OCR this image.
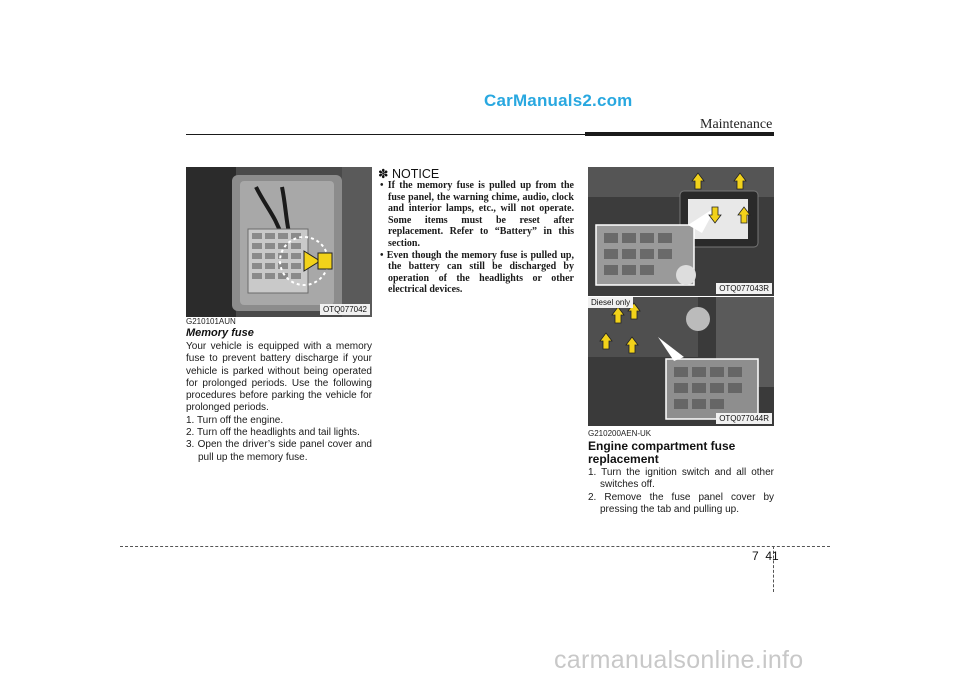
CarManuals2.com
Maintenance
OTQ077042
G210101AUN
Memory fuse

Your vehicle is equipped with a memory fuse to prevent battery discharge if your vehicle is parked without being operated for prolonged periods. Use the following procedures before parking the vehicle for prolonged periods.

1. Turn off the engine.
2. Turn off the headlights and tail lights.
3. Open the driver’s side panel cover and pull up the memory fuse.
✽ NOTICE
• If the memory fuse is pulled up from the fuse panel, the warning chime, audio, clock and interior lamps, etc., will not operate. Some items must be reset after replacement. Refer to “Battery” in this section.
• Even though the memory fuse is pulled up, the battery can still be discharged by operation of the headlights or other electrical devices.	OTQ077043R
Diesel only
OTQ077044R
G210200AEN-UK
Engine compartment fuse replacement
1. Turn the ignition switch and all other switches off.
2. Remove the fuse panel cover by pressing the tab and pulling up.
7 41
carmanualsonline.info
